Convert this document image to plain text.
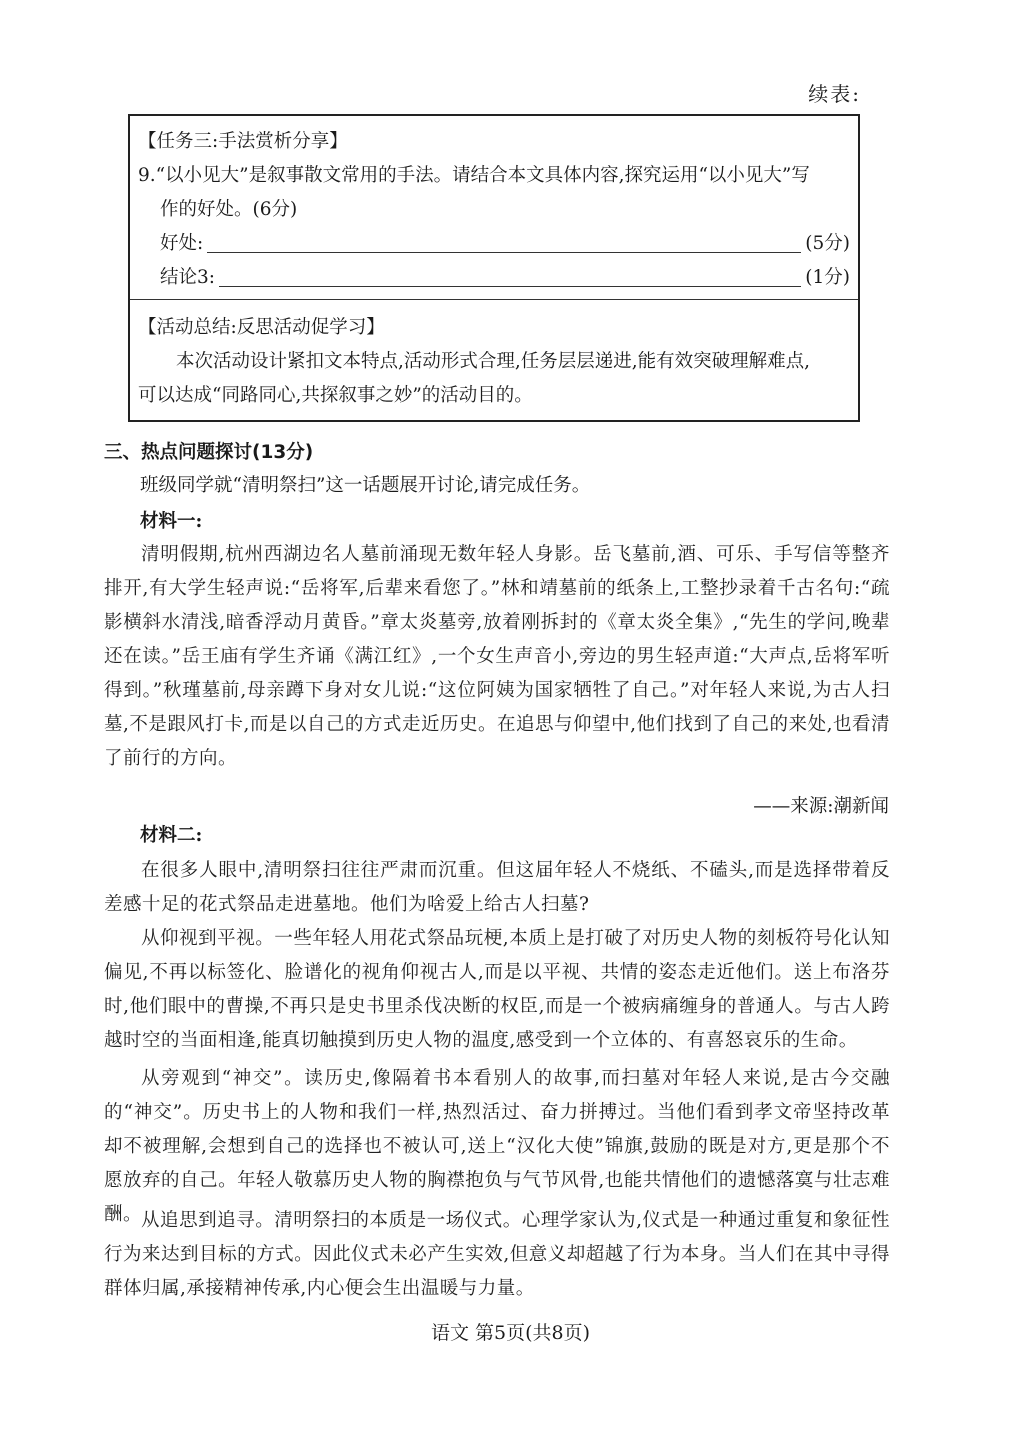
续表:
【任务三:手法赏析分享】
9.“以小见大”是叙事散文常用的手法。请结合本文具体内容,探究运用“以小见大”写
作的好处。(6分)
好处:	(5分)
结论3:	(1分)
【活动总结:反思活动促学习】
本次活动设计紧扣文本特点,活动形式合理,任务层层递进,能有效突破理解难点,
可以达成“同路同心,共探叙事之妙”的活动目的。
三、热点问题探讨(13分)
班级同学就“清明祭扫”这一话题展开讨论,请完成任务。
材料一:
清明假期,杭州西湖边名人墓前涌现无数年轻人身影。岳飞墓前,酒、可乐、手写信等整齐排开,有大学生轻声说:“岳将军,后辈来看您了。”林和靖墓前的纸条上,工整抄录着千古名句:“疏影横斜水清浅,暗香浮动月黄昏。”章太炎墓旁,放着刚拆封的《章太炎全集》,“先生的学问,晚辈还在读。”岳王庙有学生齐诵《满江红》,一个女生声音小,旁边的男生轻声道:“大声点,岳将军听得到。”秋瑾墓前,母亲蹲下身对女儿说:“这位阿姨为国家牺牲了自己。”对年轻人来说,为古人扫墓,不是跟风打卡,而是以自己的方式走近历史。在追思与仰望中,他们找到了自己的来处,也看清了前行的方向。
——来源:潮新闻
材料二:
在很多人眼中,清明祭扫往往严肃而沉重。但这届年轻人不烧纸、不磕头,而是选择带着反差感十足的花式祭品走进墓地。他们为啥爱上给古人扫墓?
从仰视到平视。一些年轻人用花式祭品玩梗,本质上是打破了对历史人物的刻板符号化认知偏见,不再以标签化、脸谱化的视角仰视古人,而是以平视、共情的姿态走近他们。送上布洛芬时,他们眼中的曹操,不再只是史书里杀伐决断的权臣,而是一个被病痛缠身的普通人。与古人跨越时空的当面相逢,能真切触摸到历史人物的温度,感受到一个立体的、有喜怒哀乐的生命。
从旁观到“神交”。读历史,像隔着书本看别人的故事,而扫墓对年轻人来说,是古今交融的“神交”。历史书上的人物和我们一样,热烈活过、奋力拼搏过。当他们看到孝文帝坚持改革却不被理解,会想到自己的选择也不被认可,送上“汉化大使”锦旗,鼓励的既是对方,更是那个不愿放弃的自己。年轻人敬慕历史人物的胸襟抱负与气节风骨,也能共情他们的遗憾落寞与壮志难酬。
从追思到追寻。清明祭扫的本质是一场仪式。心理学家认为,仪式是一种通过重复和象征性行为来达到目标的方式。因此仪式未必产生实效,但意义却超越了行为本身。当人们在其中寻得群体归属,承接精神传承,内心便会生出温暖与力量。
语文 第5页(共8页)
